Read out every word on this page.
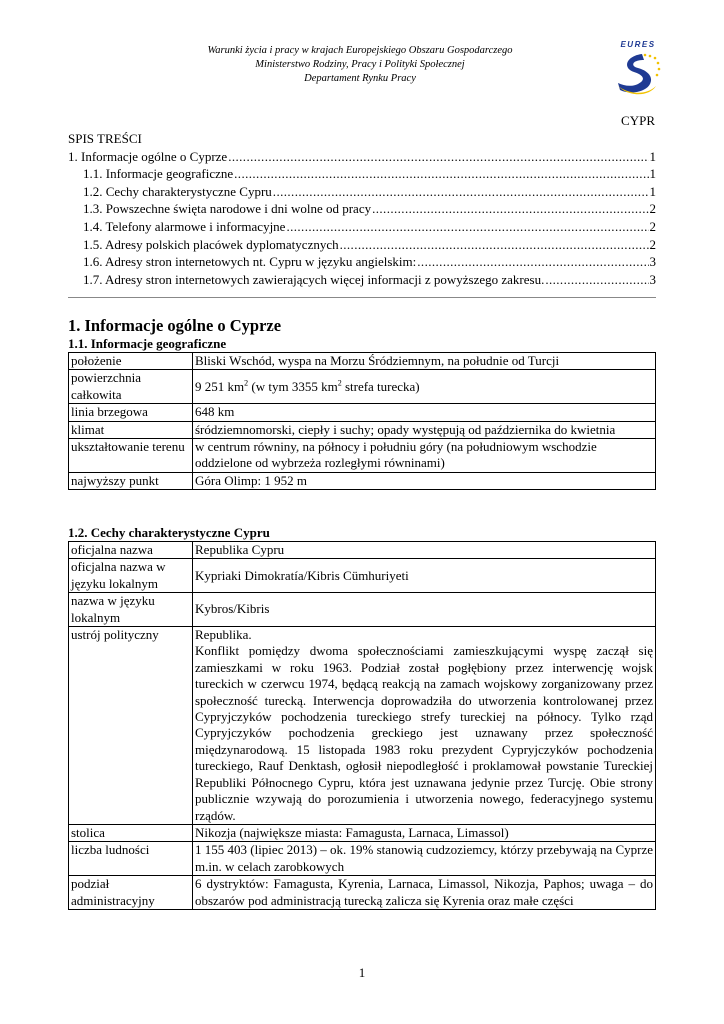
Warunki życia i pracy w krajach Europejskiego Obszaru Gospodarczego
Ministerstwo Rodziny, Pracy i Polityki Społecznej
Departament Rynku Pracy
EURES
CYPR
SPIS TREŚCI
1. Informacje ogólne o Cyprze .....	1
1.1. Informacje geograficzne .....	1
1.2. Cechy charakterystyczne Cypru .....	1
1.3. Powszechne święta narodowe i dni wolne od pracy .....	2
1.4. Telefony alarmowe i informacyjne .....	2
1.5. Adresy polskich placówek dyplomatycznych .....	2
1.6. Adresy stron internetowych nt. Cypru w języku angielskim: .....	3
1.7. Adresy stron internetowych zawierających więcej informacji z powyższego zakresu. .....	3
1. Informacje ogólne o Cyprze
1.1. Informacje geograficzne
położenie	Bliski Wschód, wyspa na Morzu Śródziemnym, na południe od Turcji
powierzchnia całkowita	9 251 $km^2$ (w tym 3355 $km^2$ strefa turecka)
linia brzegowa	648 km
klimat	śródziemnomorski, ciepły i suchy; opady występują od października do kwietnia
ukształtowanie terenu	w centrum równiny, na północy i południu góry (na południowym wschodzie oddzielone od wybrzeża rozległymi równinami)
najwyższy punkt	Góra Olimp: 1 952 m
1.2. Cechy charakterystyczne Cypru
oficjalna nazwa	Republika Cypru
oficjalna nazwa w języku lokalnym	Kypriaki Dimokratía/Kibris Cümhuriyeti
nazwa w języku lokalnym	Kybros/Kibris
ustrój polityczny	Republika.
Konflikt pomiędzy dwoma społecznościami zamieszkującymi wyspę zaczął się zamieszkami w roku 1963. Podział został pogłębiony przez interwencję wojsk tureckich w czerwcu 1974, będącą reakcją na zamach wojskowy zorganizowany przez społeczność turecką. Interwencja doprowadziła do utworzenia kontrolowanej przez Cypryjczyków pochodzenia tureckiego strefy tureckiej na północy. Tylko rząd Cypryjczyków pochodzenia greckiego jest uznawany przez społeczność międzynarodową. 15 listopada 1983 roku prezydent Cypryjczyków pochodzenia tureckiego, Rauf Denktash, ogłosił niepodległość i proklamował powstanie Tureckiej Republiki Północnego Cypru, która jest uznawana jedynie przez Turcję. Obie strony publicznie wzywają do porozumienia i utworzenia nowego, federacyjnego systemu rządów.

stolica	Nikozja (największe miasta: Famagusta, Larnaca, Limassol)
liczba ludności	1 155 403 (lipiec 2013) – ok. 19% stanowią cudzoziemcy, którzy przebywają na Cyprze m.in. w celach zarobkowych
podział administracyjny	6 dystryktów: Famagusta, Kyrenia, Larnaca, Limassol, Nikozja, Paphos; uwaga – do obszarów pod administracją turecką zalicza się Kyrenia oraz małe części
1
